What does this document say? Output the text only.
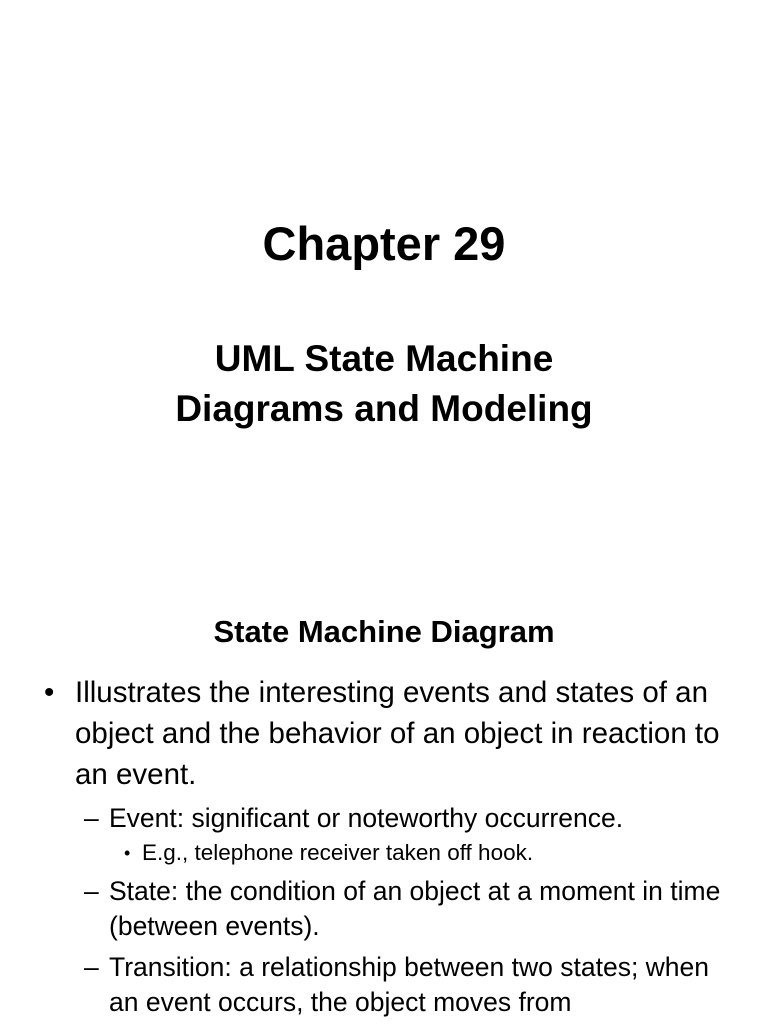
Chapter 29
UML State Machine
Diagrams and Modeling
State Machine Diagram
• Illustrates the interesting events and states of an object and the behavior of an object in reaction to an event.
– Event: significant or noteworthy occurrence.
• E.g., telephone receiver taken off hook.
– State: the condition of an object at a moment in time (between events).
– Transition: a relationship between two states; when an event occurs, the object moves from
